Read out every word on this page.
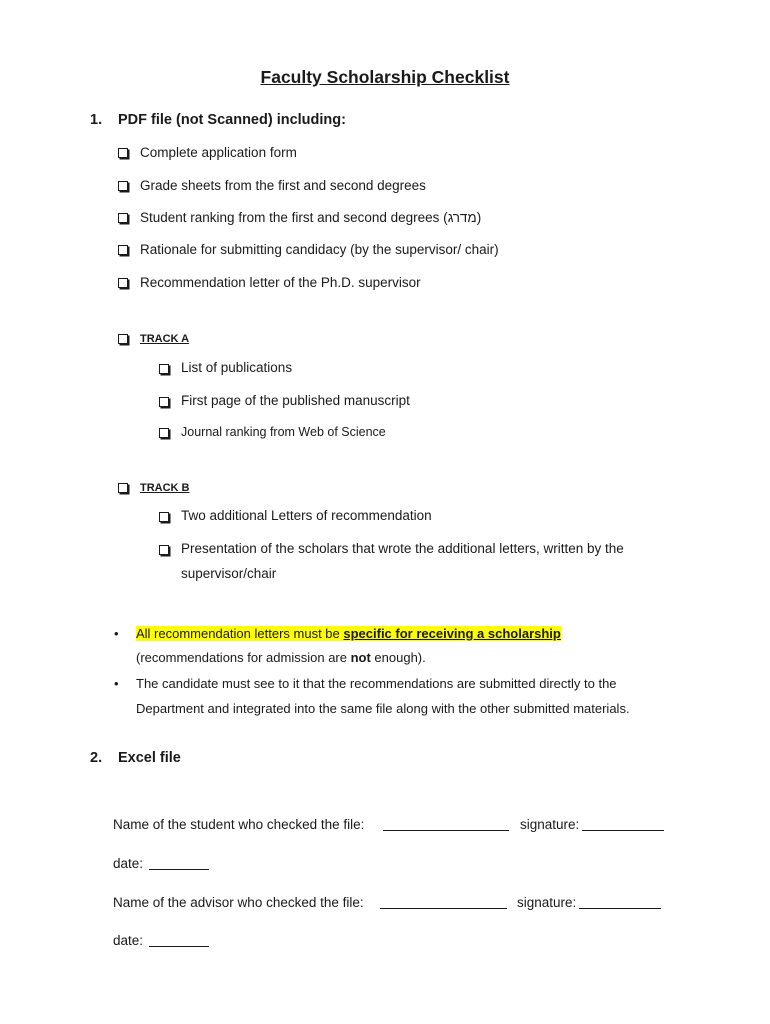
Faculty Scholarship Checklist
1. PDF file (not Scanned) including:
Complete application form
Grade sheets from the first and second degrees
Student ranking from the first and second degrees (מדרג)
Rationale for submitting candidacy (by the supervisor/ chair)
Recommendation letter of the Ph.D. supervisor
TRACK A
List of publications
First page of the published manuscript
Journal ranking from Web of Science
TRACK B
Two additional Letters of recommendation
Presentation of the scholars that wrote the additional letters, written by the
supervisor/chair
• All recommendation letters must be specific for receiving a scholarship
(recommendations for admission are not enough).
• The candidate must see to it that the recommendations are submitted directly to the
Department and integrated into the same file along with the other submitted materials.
2. Excel file
Name of the student who checked the file:	signature:
date:
Name of the advisor who checked the file:	signature:
date:
